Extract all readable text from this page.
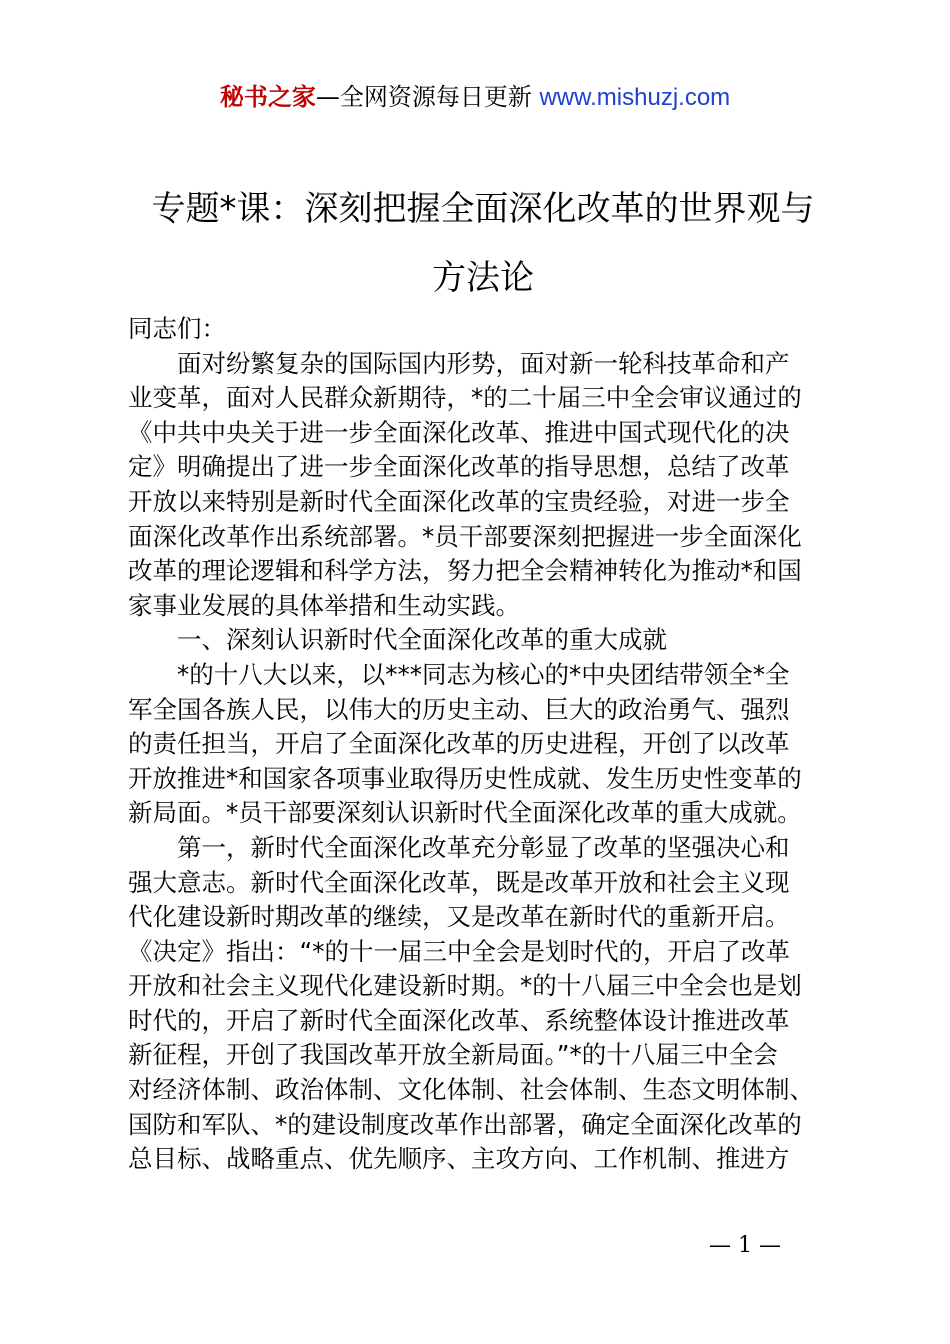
秘书之家—全网资源每日更新 www.mishuzj.com
专题*课：深刻把握全面深化改革的世界观与
方法论
同志们：
　　面对纷繁复杂的国际国内形势，面对新一轮科技革命和产
业变革，面对人民群众新期待，*的二十届三中全会审议通过的
《中共中央关于进一步全面深化改革、推进中国式现代化的决
定》明确提出了进一步全面深化改革的指导思想，总结了改革
开放以来特别是新时代全面深化改革的宝贵经验，对进一步全
面深化改革作出系统部署。*员干部要深刻把握进一步全面深化
改革的理论逻辑和科学方法，努力把全会精神转化为推动*和国
家事业发展的具体举措和生动实践。
　　一、深刻认识新时代全面深化改革的重大成就
　　*的十八大以来，以***同志为核心的*中央团结带领全*全
军全国各族人民，以伟大的历史主动、巨大的政治勇气、强烈
的责任担当，开启了全面深化改革的历史进程，开创了以改革
开放推进*和国家各项事业取得历史性成就、发生历史性变革的
新局面。*员干部要深刻认识新时代全面深化改革的重大成就。
　　第一，新时代全面深化改革充分彰显了改革的坚强决心和
强大意志。新时代全面深化改革，既是改革开放和社会主义现
代化建设新时期改革的继续，又是改革在新时代的重新开启。
《决定》指出：“*的十一届三中全会是划时代的，开启了改革
开放和社会主义现代化建设新时期。*的十八届三中全会也是划
时代的，开启了新时代全面深化改革、系统整体设计推进改革
新征程，开创了我国改革开放全新局面。”*的十八届三中全会
对经济体制、政治体制、文化体制、社会体制、生态文明体制、
国防和军队、*的建设制度改革作出部署，确定全面深化改革的
总目标、战略重点、优先顺序、主攻方向、工作机制、推进方
— 1 —
